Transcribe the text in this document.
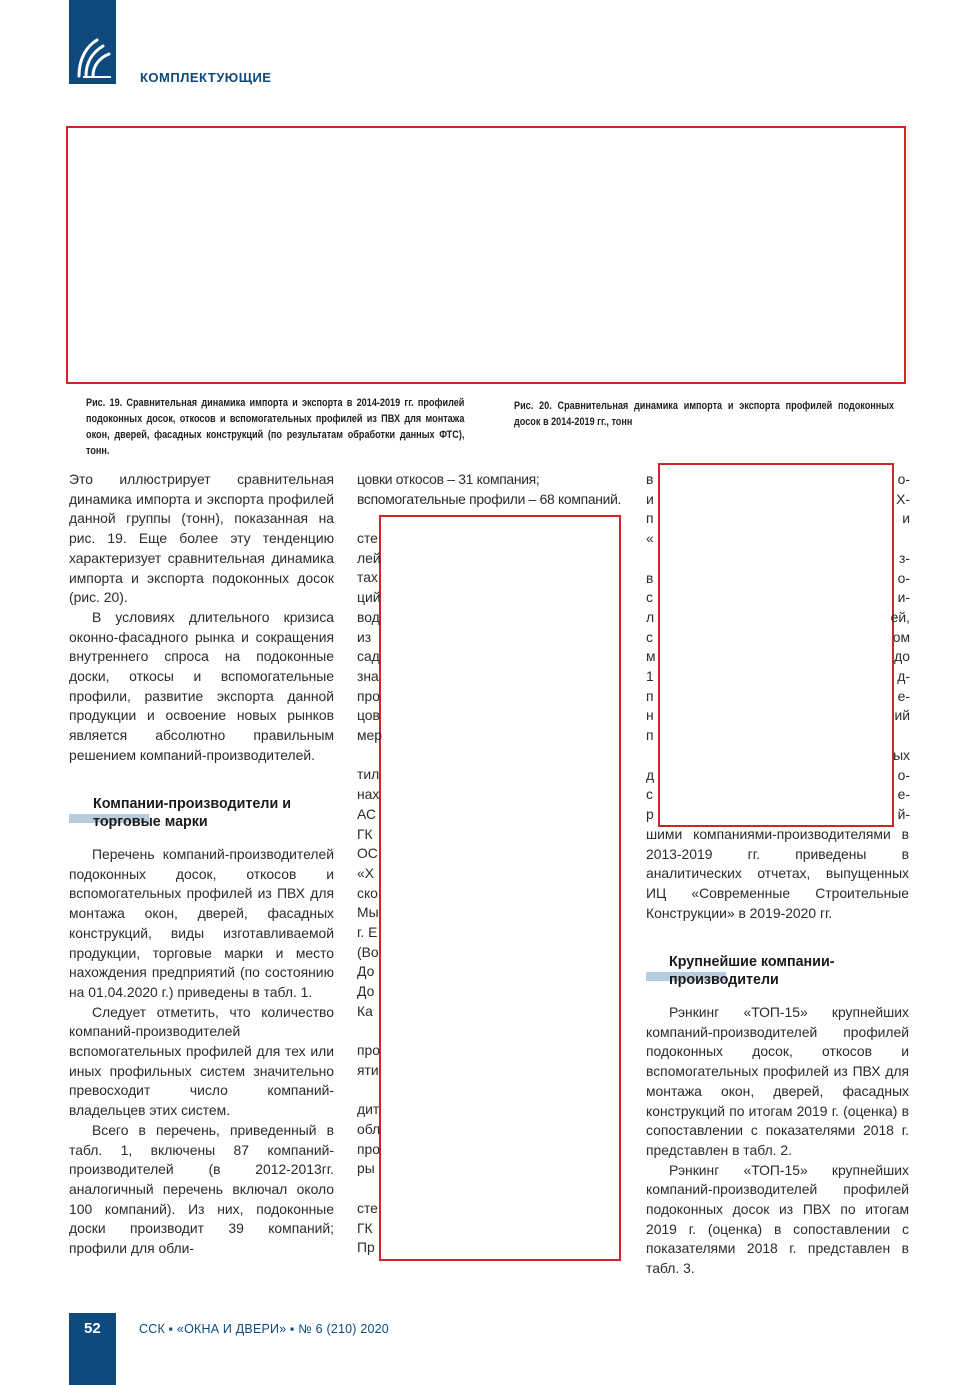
КОМПЛЕКТУЮЩИЕ
Рис. 19. Сравнительная динамика импорта и экспорта в 2014-2019 гг. профилей подоконных досок, откосов и вспомогательных профилей из ПВХ для монтажа окон, дверей, фасадных конструкций (по результатам обработки данных ФТС), тонн.
Рис. 20. Сравнительная динамика импорта и экспорта профилей подоконных досок в 2014-2019 гг., тонн

Это иллюстрирует сравнительная динамика импорта и экспорта профилей данной группы (тонн), показанная на рис. 19. Еще более эту тенденцию характеризует сравнительная динамика импорта и экспорта подоконных досок (рис. 20).

В условиях длительного кризиса оконно-фасадного рынка и сокращения внутреннего спроса на подоконные доски, откосы и вспомогательные профили, развитие экспорта данной продукции и освоение новых рынков является абсолютно правильным решением компаний-производителей.

Компании-производители и торговые марки

Перечень компаний-производителей подоконных досок, откосов и вспомогательных профилей из ПВХ для монтажа окон, дверей, фасадных конструкций, виды изготавливаемой продукции, торговые марки и место нахождения предприятий (по состоянию на 01.04.2020 г.) приведены в табл. 1.

Следует отметить, что количество компаний-производителей вспомогательных профилей для тех или иных профильных систем значительно превосходит число компаний-владельцев этих систем.

Всего в перечень, приведенный в табл. 1, включены 87 компаний-производителей (в 2012-2013гг. аналогичный перечень включал около 100 компаний). Из них, подоконные доски производит 39 компаний; профили для обли-

цовки откосов – 31 компания; вспомогательные профили – 68 компаний.

сте
лей
тах
ций
вод
из
сад
зна
про
цов
мер
тил
нах
АС
ГК
ОС
«Х
ско
Мы
г. Е
(Во
До
До
Ка
про
яти
дит
обл
про
ры
сте
ГК
Пр
в
и
п
«
в
с
л
с
м
1
п
н
п
д
с
р
о-
Х-
и
з-
о-
и-
ей,
ом
до
д-
е-
ий
ых
о-
е-
й-

шими компаниями-производителями в 2013-2019 гг. приведены в аналитических отчетах, выпущенных ИЦ «Современные Строительные Конструкции» в 2019-2020 гг.

Крупнейшие компании-производители

Рэнкинг «ТОП-15» крупнейших компаний-производителей профилей подоконных досок, откосов и вспомогательных профилей из ПВХ для монтажа окон, дверей, фасадных конструкций по итогам 2019 г. (оценка) в сопоставлении с показателями 2018 г. представлен в табл. 2.

Рэнкинг «ТОП-15» крупнейших компаний-производителей профилей подоконных досок из ПВХ по итогам 2019 г. (оценка) в сопоставлении с показателями 2018 г. представлен в табл. 3.

52	ССК ▪ «ОКНА И ДВЕРИ» ▪ № 6 (210) 2020
